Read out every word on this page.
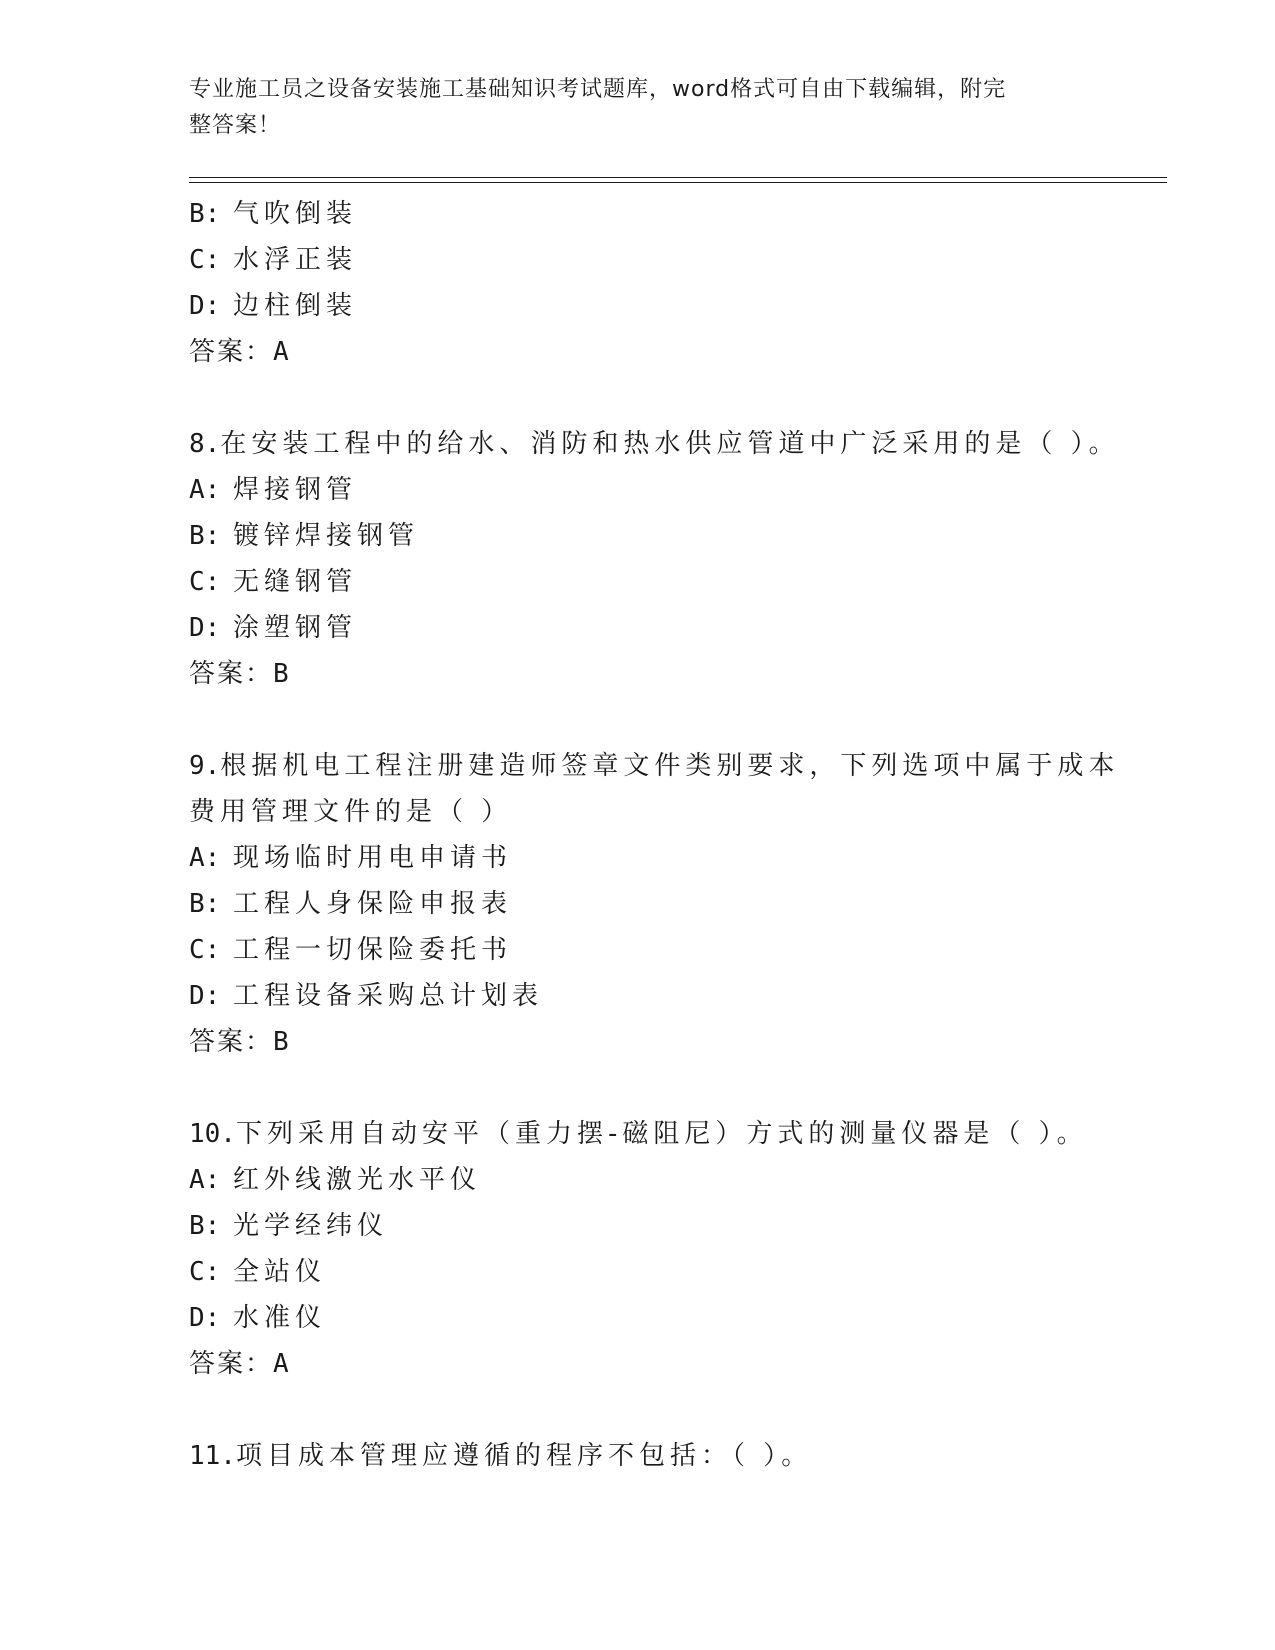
专业施工员之设备安装施工基础知识考试题库，word格式可自由下载编辑，附完
整答案！
B: 气吹倒装
C: 水浮正装
D: 边柱倒装
答案：A
8.在安装工程中的给水、消防和热水供应管道中广泛采用的是（ ）。
A: 焊接钢管
B: 镀锌焊接钢管
C: 无缝钢管
D: 涂塑钢管
答案：B
9.根据机电工程注册建造师签章文件类别要求，下列选项中属于成本
费用管理文件的是（ ）
A: 现场临时用电申请书
B: 工程人身保险申报表
C: 工程一切保险委托书
D: 工程设备采购总计划表
答案：B
10.下列采用自动安平（重力摆-磁阻尼）方式的测量仪器是（ ）。
A: 红外线激光水平仪
B: 光学经纬仪
C: 全站仪
D: 水准仪
答案：A
11.项目成本管理应遵循的程序不包括：（ ）。
